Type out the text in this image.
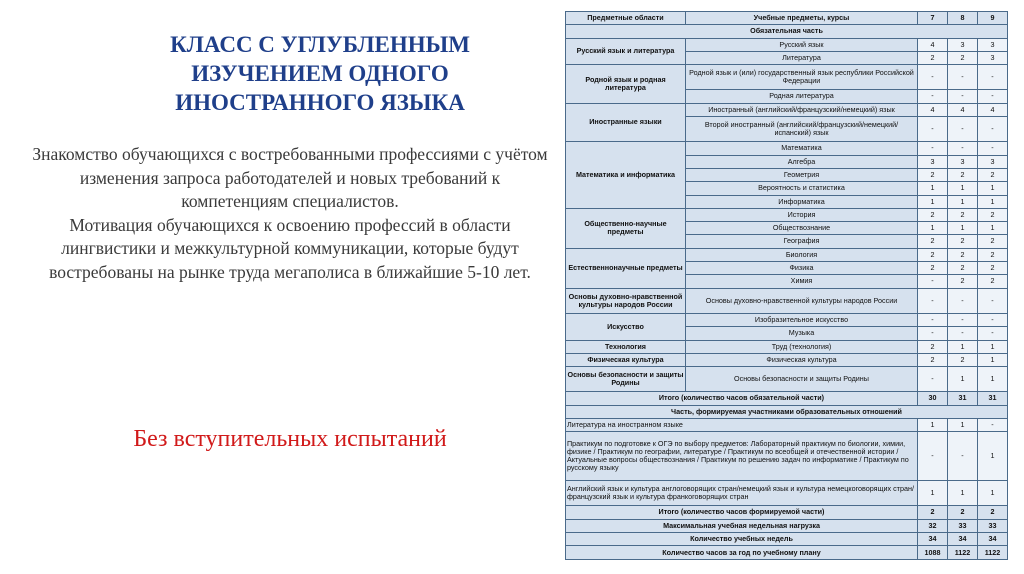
КЛАСС С УГЛУБЛЕННЫМ
ИЗУЧЕНИЕМ ОДНОГО
ИНОСТРАННОГО ЯЗЫКА

Знакомство обучающихся с востребованными профессиями с учётом изменения запроса работодателей и новых требований к компетенциям специалистов.

Мотивация обучающихся к освоению профессий в области лингвистики и межкультурной коммуникации, которые будут востребованы на рынке труда мегаполиса в ближайшие 5-10 лет.

Без вступительных испытаний
Предметные области	Учебные предметы, курсы	7	8	9
Обязательная часть				
Русский язык и литература	Русский язык	4	3	3
	Литература	2	2	3
Родной язык и родная литература	Родной язык и (или) государственный язык республики Российской Федерации	-	-	-
	Родная литература	-	-	-
Иностранные языки	Иностранный (английский/французский/немецкий) язык	4	4	4
	Второй иностранный (английский/французский/немецкий/испанский) язык	-	-	-
Математика и информатика	Математика	-	-	-
	Алгебра	3	3	3
	Геометрия	2	2	2
	Вероятность и статистика	1	1	1
	Информатика	1	1	1
Общественно-научные предметы	История	2	2	2
	Обществознание	1	1	1
	География	2	2	2
Естественнонаучные предметы	Биология	2	2	2
	Физика	2	2	2
	Химия	-	2	2
Основы духовно-нравственной культуры народов России	Основы духовно-нравственной культуры народов России	-	-	-
Искусство	Изобразительное искусство	-	-	-
	Музыка	-	-	-
Технология	Труд (технология)	2	1	1
Физическая культура	Физическая культура	2	2	1
Основы безопасности и защиты Родины	Основы безопасности и защиты Родины	-	1	1
Итого (количество часов обязательной части)		30	31	31
Часть, формируемая участниками образовательных отношений				
Литература на иностранном языке		1	1	-
Практикум по подготовке к ОГЭ по выбору предметов: Лабораторный практикум по биологии, химии, физике / Практикум по географии, литературе / Практикум по всеобщей и отечественной истории / Актуальные вопросы обществознания / Практикум по решению задач по информатике / Практикум по русскому языку		-	-	1
Английский язык и культура англоговорящих стран/немецкий язык и культура немецкоговорящих стран/французский язык и культура франкоговорящих стран		1	1	1
Итого (количество часов формируемой части)		2	2	2
Максимальная учебная недельная нагрузка		32	33	33
Количество учебных недель		34	34	34
Количество часов за год по учебному плану		1088	1122	1122
